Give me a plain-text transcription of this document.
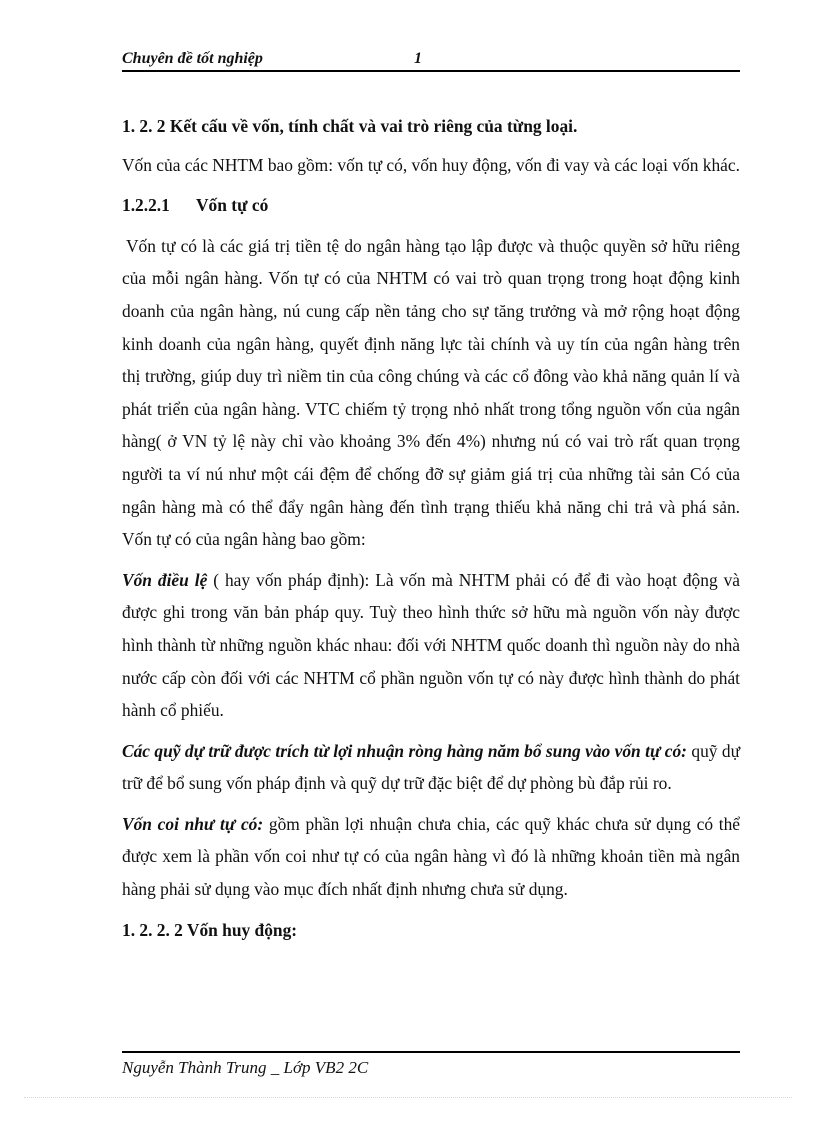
Chuyên đề tốt nghiệp	1

1. 2. 2 Kết cấu về vốn, tính chất và vai trò riêng của từng loại.

Vốn của các NHTM bao gồm: vốn tự có, vốn huy động, vốn đi vay và các loại vốn khác.

1.2.2.1 Vốn tự có

Vốn tự có là các giá trị tiền tệ do ngân hàng tạo lập được và thuộc quyền sở hữu riêng của mỗi ngân hàng. Vốn tự có của NHTM có vai trò quan trọng trong hoạt động kinh doanh của ngân hàng, nú cung cấp nền tảng cho sự tăng trưởng và mở rộng hoạt động kinh doanh của ngân hàng, quyết định năng lực tài chính và uy tín của ngân hàng trên thị trường, giúp duy trì niềm tin của công chúng và các cổ đông vào khả năng quản lí và phát triển của ngân hàng. VTC chiếm tỷ trọng nhỏ nhất trong tổng nguồn vốn của ngân hàng( ở VN tỷ lệ này chỉ vào khoảng 3% đến 4%) nhưng nú có vai trò rất quan trọng người ta ví nú như một cái đệm để chống đỡ sự giảm giá trị của những tài sản Có của ngân hàng mà có thể đẩy ngân hàng đến tình trạng thiếu khả năng chi trả và phá sản. Vốn tự có của ngân hàng bao gồm:

Vốn điều lệ ( hay vốn pháp định): Là vốn mà NHTM phải có để đi vào hoạt động và được ghi trong văn bản pháp quy. Tuỳ theo hình thức sở hữu mà nguồn vốn này được hình thành từ những nguồn khác nhau: đối với NHTM quốc doanh thì nguồn này do nhà nước cấp còn đối với các NHTM cổ phần nguồn vốn tự có này được hình thành do phát hành cổ phiếu.

Các quỹ dự trữ được trích từ lợi nhuận ròng hàng năm bổ sung vào vốn tự có: quỹ dự trữ để bổ sung vốn pháp định và quỹ dự trữ đặc biệt để dự phòng bù đắp rủi ro.

Vốn coi như tự có: gồm phần lợi nhuận chưa chia, các quỹ khác chưa sử dụng có thể được xem là phần vốn coi như tự có của ngân hàng vì đó là những khoản tiền mà ngân hàng phải sử dụng vào mục đích nhất định nhưng chưa sử dụng.

1. 2. 2. 2 Vốn huy động:

Nguyễn Thành Trung _ Lớp VB2 2C
